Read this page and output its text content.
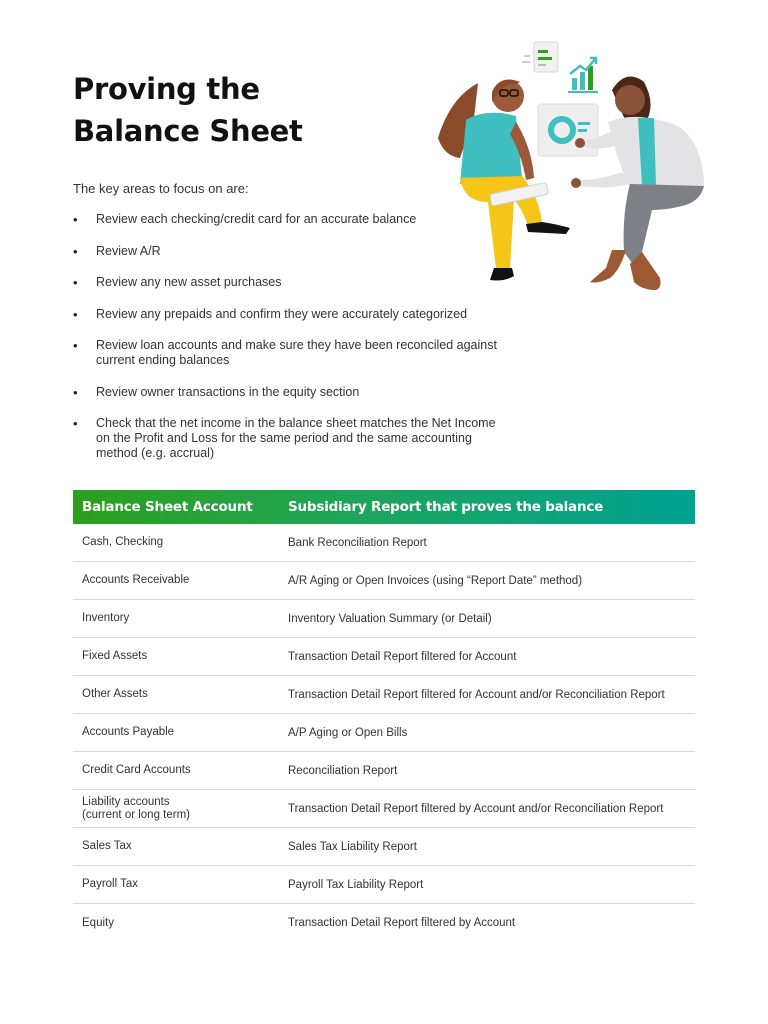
Proving the
Balance Sheet

The key areas to focus on are:

• Review each checking/credit card for an accurate balance
• Review A/R
• Review any new asset purchases
• Review any prepaids and confirm they were accurately categorized
• Review loan accounts and make sure they have been reconciled against current ending balances
• Review owner transactions in the equity section
• Check that the net income in the balance sheet matches the Net Income on the Profit and Loss for the same period and the same accounting method (e.g. accrual)
Balance Sheet Account	Subsidiary Report that proves the balance
Cash, Checking	Bank Reconciliation Report
Accounts Receivable	A/R Aging or Open Invoices (using “Report Date” method)
Inventory	Inventory Valuation Summary (or Detail)
Fixed Assets	Transaction Detail Report filtered for Account
Other Assets	Transaction Detail Report filtered for Account and/or Reconciliation Report
Accounts Payable	A/P Aging or Open Bills
Credit Card Accounts	Reconciliation Report
Liability accounts
(current or long term)	Transaction Detail Report filtered by Account and/or Reconciliation Report
Sales Tax	Sales Tax Liability Report
Payroll Tax	Payroll Tax Liability Report
Equity	Transaction Detail Report filtered by Account
